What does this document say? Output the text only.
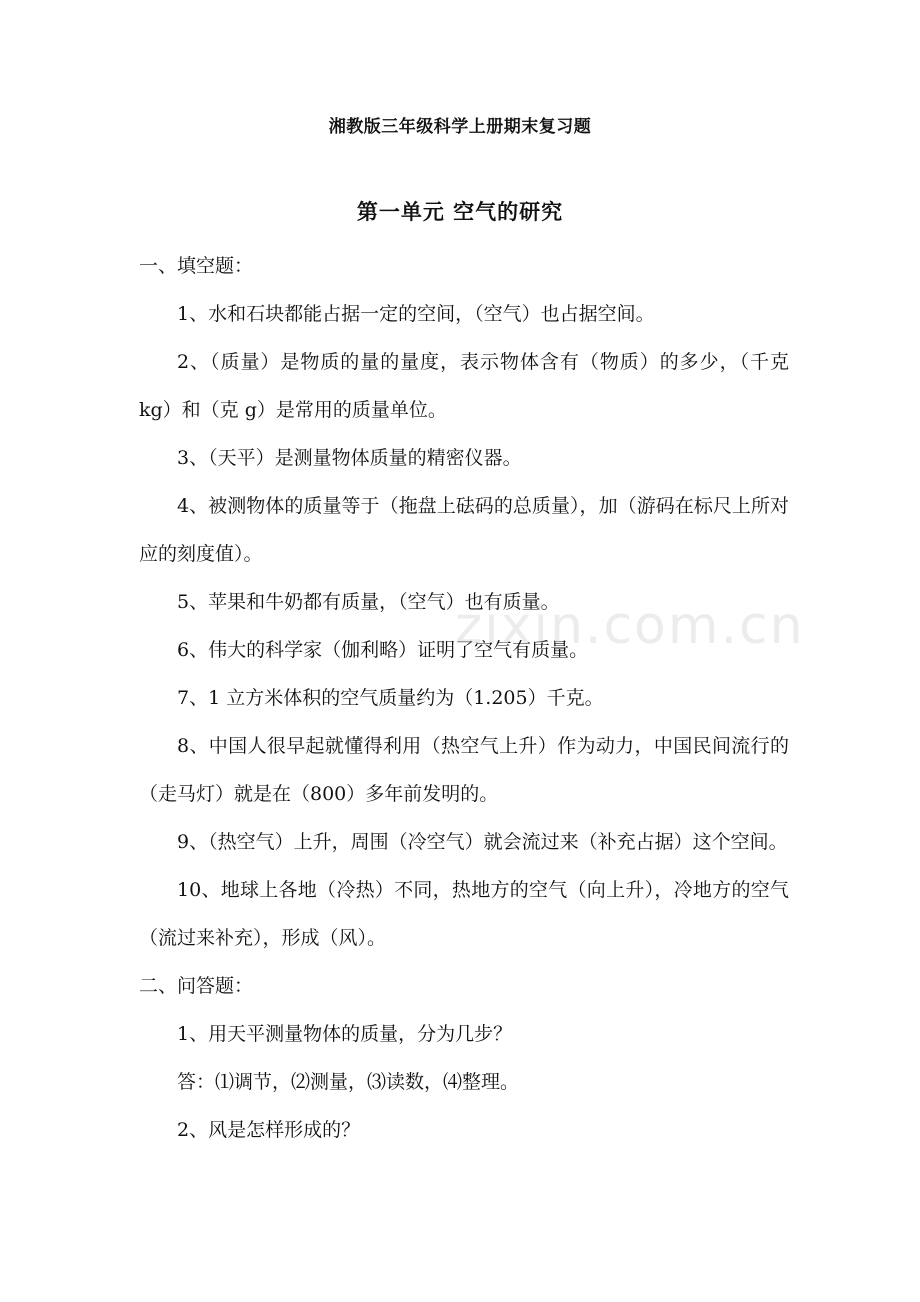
湘教版三年级科学上册期末复习题
第一单元 空气的研究

一、填空题：

1、水和石块都能占据一定的空间，（空气）也占据空间。

2、（质量）是物质的量的量度，表示物体含有（物质）的多少，（千克 kg）和（克 g）是常用的质量单位。

3、（天平）是测量物体质量的精密仪器。

4、被测物体的质量等于（拖盘上砝码的总质量），加（游码在标尺上所对应的刻度值）。

5、苹果和牛奶都有质量，（空气）也有质量。

6、伟大的科学家（伽利略）证明了空气有质量。

7、1 立方米体积的空气质量约为（1.205）千克。

8、中国人很早起就懂得利用（热空气上升）作为动力，中国民间流行的（走马灯）就是在（800）多年前发明的。

9、（热空气）上升，周围（冷空气）就会流过来（补充占据）这个空间。

10、地球上各地（冷热）不同，热地方的空气（向上升），冷地方的空气（流过来补充），形成（风）。

二、问答题：

1、用天平测量物体的质量，分为几步？

答：⑴调节，⑵测量，⑶读数，⑷整理。

2、风是怎样形成的？

zixin.com.cn
